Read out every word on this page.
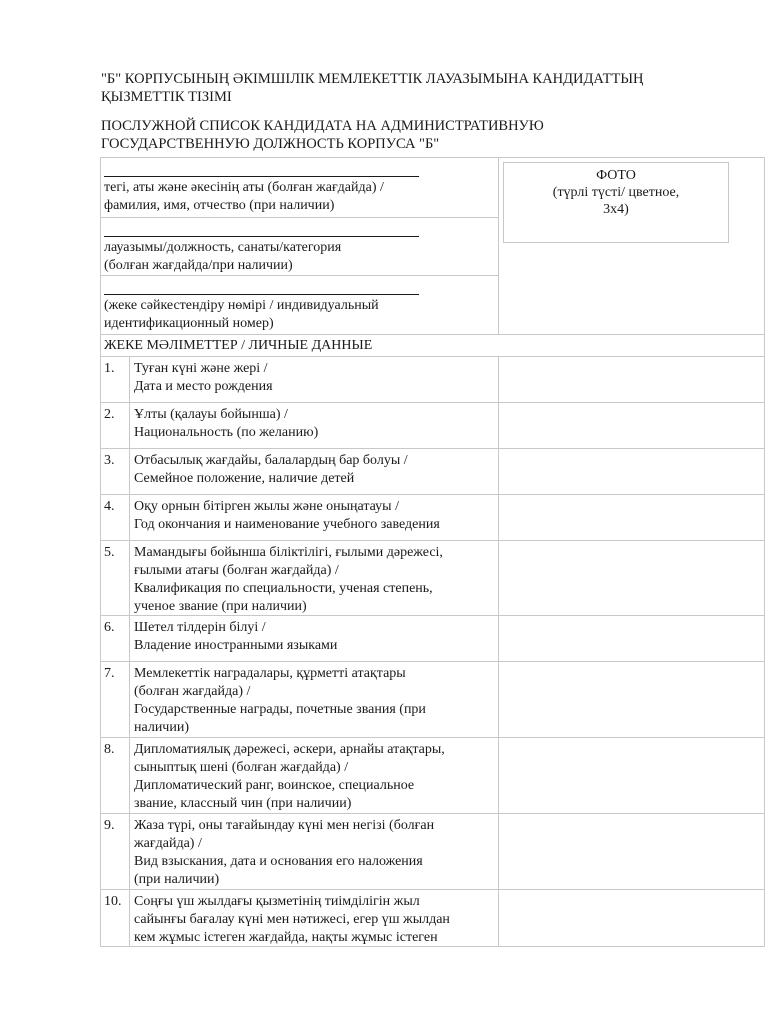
"Б" КОРПУСЫНЫҢ ӘКІМШІЛІК МЕМЛЕКЕТТІК ЛАУАЗЫМЫНА КАНДИДАТТЫҢ
ҚЫЗМЕТТІК ТІЗІМІ
ПОСЛУЖНОЙ СПИСОК КАНДИДАТА НА АДМИНИСТРАТИВНУЮ
ГОСУДАРСТВЕННУЮ ДОЛЖНОСТЬ КОРПУСА "Б"
тегі, аты және әкесінің аты (болған жағдайда) /
фамилия, имя, отчество (при наличии)
лауазымы/должность, санаты/категория
(болған жағдайда/при наличии)
(жеке сәйкестендіру нөмірі / индивидуальный
идентификационный номер)
ФОТО
(түрлі түсті/ цветное,
3х4)
ЖЕКЕ МӘЛІМЕТТЕР / ЛИЧНЫЕ ДАННЫЕ
1. Туған күні және жері /
Дата и место рождения
2. Ұлты (қалауы бойынша) /
Национальность (по желанию)
3. Отбасылық жағдайы, балалардың бар болуы /
Семейное положение, наличие детей
4. Оқу орнын бітірген жылы және оныңатауы /
Год окончания и наименование учебного заведения
5. Мамандығы бойынша біліктілігі, ғылыми дәрежесі,
ғылыми атағы (болған жағдайда) /
Квалификация по специальности, ученая степень,
ученое звание (при наличии)
6. Шетел тілдерін білуі /
Владение иностранными языками
7. Мемлекеттік наградалары, құрметті атақтары
(болған жағдайда) /
Государственные награды, почетные звания (при
наличии)
8. Дипломатиялық дәрежесі, әскери, арнайы атақтары,
сыныптық шені (болған жағдайда) /
Дипломатический ранг, воинское, специальное
звание, классный чин (при наличии)
9. Жаза түрі, оны тағайындау күні мен негізі (болған
жағдайда) /
Вид взыскания, дата и основания его наложения
(при наличии)
10. Соңғы үш жылдағы қызметінің тиімділігін жыл
сайынғы бағалау күні мен нәтижесі, егер үш жылдан
кем жұмыс істеген жағдайда, нақты жұмыс істеген
